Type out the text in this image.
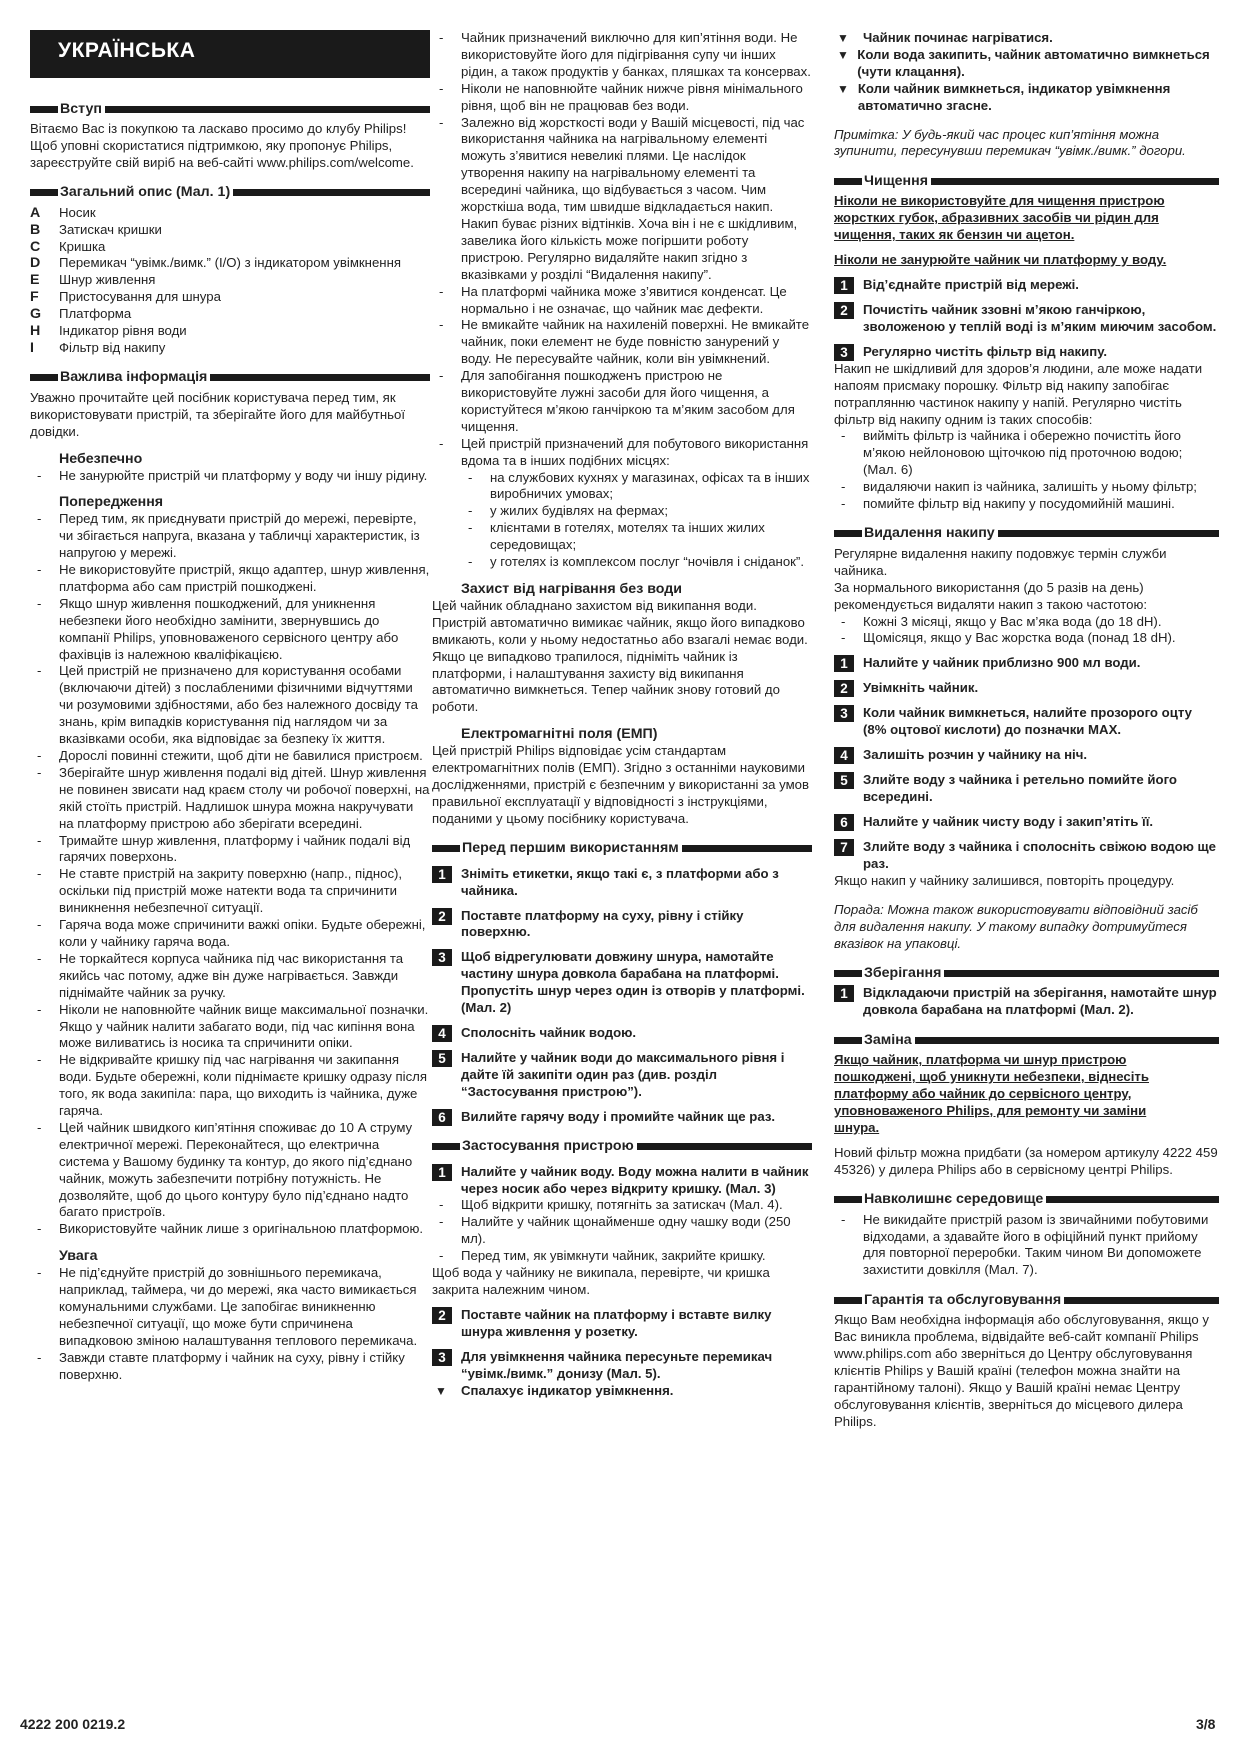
УКРАЇНСЬКА
Вступ

Вітаємо Вас із покупкою та ласкаво просимо до клубу Philips! Щоб уповні скористатися підтримкою, яку пропонує Philips, зареєструйте свій виріб на веб-сайті www.philips.com/welcome.

Загальний опис (Мал. 1)
A	Носик
B	Затискач кришки
C	Кришка
D	Перемикач “увімк./вимк.” (I/O) з індикатором увімкнення
E	Шнур живлення
F	Пристосування для шнура
G	Платформа
H	Індикатор рівня води
I	Фільтр від накипу
Важлива інформація

Уважно прочитайте цей посібник користувача перед тим, як використовувати пристрій, та зберігайте його для майбутньої довідки.

Небезпечно
- Не занурюйте пристрій чи платформу у воду чи іншу рідину.
Попередження
- Перед тим, як приєднувати пристрій до мережі, перевірте, чи збігається напруга, вказана у табличці характеристик, із напругою у мережі.
- Не використовуйте пристрій, якщо адаптер, шнур живлення, платформа або сам пристрій пошкоджені.
- Якщо шнур живлення пошкоджений, для уникнення небезпеки його необхідно замінити, звернувшись до компанії Philips, уповноваженого сервісного центру або фахівців із належною кваліфікацією.
- Цей пристрій не призначено для користування особами (включаючи дітей) з послабленими фізичними відчуттями чи розумовими здібностями, або без належного досвіду та знань, крім випадків користування під наглядом чи за вказівками особи, яка відповідає за безпеку їх життя.
- Дорослі повинні стежити, щоб діти не бавилися пристроєм.
- Зберігайте шнур живлення подалі від дітей. Шнур живлення не повинен звисати над краєм столу чи робочої поверхні, на якій стоїть пристрій. Надлишок шнура можна накручувати на платформу пристрою або зберігати всередині.
- Тримайте шнур живлення, платформу і чайник подалі від гарячих поверхонь.
- Не ставте пристрій на закриту поверхню (напр., піднос), оскільки під пристрій може натекти вода та спричинити виникнення небезпечної ситуації.
- Гаряча вода може спричинити важкі опіки. Будьте обережні, коли у чайнику гаряча вода.
- Не торкайтеся корпуса чайника під час використання та якийсь час потому, адже він дуже нагрівається. Завжди піднімайте чайник за ручку.
- Ніколи не наповнюйте чайник вище максимальної позначки. Якщо у чайник налити забагато води, під час кипіння вона може виливатись із носика та спричинити опіки.
- Не відкривайте кришку під час нагрівання чи закипання води. Будьте обережні, коли піднімаєте кришку одразу після того, як вода закипіла: пара, що виходить із чайника, дуже гаряча.
- Цей чайник швидкого кип’ятіння споживає до 10 А струму електричної мережі. Переконайтеся, що електрична система у Вашому будинку та контур, до якого під’єднано чайник, можуть забезпечити потрібну потужність. Не дозволяйте, щоб до цього контуру було під’єднано надто багато пристроїв.
- Використовуйте чайник лише з оригінальною платформою.
Увага
- Не під’єднуйте пристрій до зовнішнього перемикача, наприклад, таймера, чи до мережі, яка часто вимикається комунальними службами. Це запобігає виникненню небезпечної ситуації, що може бути спричинена випадковою зміною налаштування теплового перемикача.
- Завжди ставте платформу і чайник на суху, рівну і стійку поверхню.
- Чайник призначений виключно для кип’ятіння води. Не використовуйте його для підігрівання супу чи інших рідин, а також продуктів у банках, пляшках та консервах.
- Ніколи не наповнюйте чайник нижче рівня мінімального рівня, щоб він не працював без води.
- Залежно від жорсткості води у Вашій місцевості, під час використання чайника на нагрівальному елементі можуть з’явитися невеликі плями. Це наслідок утворення накипу на нагрівальному елементі та всередині чайника, що відбувається з часом. Чим жорсткіша вода, тим швидше відкладається накип. Накип буває різних відтінків. Хоча він і не є шкідливим, завелика його кількість може погіршити роботу пристрою. Регулярно видаляйте накип згідно з вказівками у розділі “Видалення накипу”.
- На платформі чайника може з’явитися конденсат. Це нормально і не означає, що чайник має дефекти.
- Не вмикайте чайник на нахиленій поверхні. Не вмикайте чайник, поки елемент не буде повністю занурений у воду. Не пересувайте чайник, коли він увімкнений.
- Для запобігання пошкодженъ пристрою не використовуйте лужні засоби для його чищення, а користуйтеся м’якою ганчіркою та м’яким засобом для чищення.
- Цей пристрій призначений для побутового використання вдома та в інших подібних місцях:
- на службових кухнях у магазинах, офісах та в інших виробничих умовах;
- у жилих будівлях на фермах;
- клієнтами в готелях, мотелях та інших жилих середовищах;
- у готелях із комплексом послуг “ночівля і сніданок”.
Захист від нагрівання без води

Цей чайник обладнано захистом від википання води. Пристрій автоматично вимикає чайник, якщо його випадково вмикають, коли у ньому недостатньо або взагалі немає води. Якщо це випадково трапилося, підніміть чайник із платформи, і налаштування захисту від википання автоматично вимкнеться. Тепер чайник знову готовий до роботи.

Електромагнітні поля (ЕМП)

Цей пристрій Philips відповідає усім стандартам електромагнітних полів (ЕМП). Згідно з останніми науковими дослідженнями, пристрій є безпечним у використанні за умов правильної експлуатації у відповідності з інструкціями, поданими у цьому посібнику користувача.

Перед першим використанням
1	Зніміть етикетки, якщо такі є, з платформи або з чайника.
2	Поставте платформу на суху, рівну і стійку поверхню.
3	Щоб відрегулювати довжину шнура, намотайте частину шнура довкола барабана на платформі. Пропустіть шнур через один із отворів у платформі. (Мал. 2)
4	Сполосніть чайник водою.
5	Налийте у чайник води до максимального рівня і дайте їй закипіти один раз (див. розділ “Застосування пристрою”).
6	Вилийте гарячу воду і промийте чайник ще раз.
Застосування пристрою
1	Налийте у чайник воду. Воду можна налити в чайник через носик або через відкриту кришку. (Мал. 3)
- Щоб відкрити кришку, потягніть за затискач (Мал. 4).
- Налийте у чайник щонайменше одну чашку води (250 мл).
- Перед тим, як увімкнути чайник, закрийте кришку.

Щоб вода у чайнику не википала, перевірте, чи кришка закрита належним чином.

2	Поставте чайник на платформу і вставте вилку шнура живлення у розетку.
3	Для увімкнення чайника пересуньте перемикач “увімк./вимк.” донизу (Мал. 5).
▼	Спалахує індикатор увімкнення.
▼	Чайник починає нагріватися.
▼ Коли вода закипить, чайник автоматично вимкнеться (чути клацання).
▼ Коли чайник вимкнеться, індикатор увімкнення автоматично згасне.

Примітка: У будь-який час процес кип’ятіння можна зупинити, пересунувши перемикач “увімк./вимк.” догори.

Чищення

Ніколи не використовуйте для чищення пристрою жорстких губок, абразивних засобів чи рідин для чищення, таких як бензин чи ацетон.

Ніколи не занурюйте чайник чи платформу у воду.

1	Від’єднайте пристрій від мережі.
2	Почистіть чайник ззовні м’якою ганчіркою, зволоженою у теплій воді із м’яким миючим засобом.
3	Регулярно чистіть фільтр від накипу.

Накип не шкідливий для здоров’я людини, але може надати напоям присмаку порошку. Фільтр від накипу запобігає потраплянню частинок накипу у напій. Регулярно чистіть фільтр від накипу одним із таких способів:

- вийміть фільтр із чайника і обережно почистіть його м’якою нейлоновою щіточкою під проточною водою; (Мал. 6)
- видаляючи накип із чайника, залишіть у ньому фільтр;
- помийте фільтр від накипу у посудомийній машині.
Видалення накипу

Регулярне видалення накипу подовжує термін служби чайника.

За нормального використання (до 5 разів на день) рекомендується видаляти накип з такою частотою:

- Кожні 3 місяці, якщо у Вас м’яка вода (до 18 dH).
- Щомісяця, якщо у Вас жорстка вода (понад 18 dH).
1	Налийте у чайник приблизно 900 мл води.
2	Увімкніть чайник.
3	Коли чайник вимкнеться, налийте прозорого оцту (8% оцтової кислоти) до позначки MAX.
4	Залишіть розчин у чайнику на ніч.
5	Злийте воду з чайника і ретельно помийте його всередині.
6	Налийте у чайник чисту воду і закип’ятіть її.
7	Злийте воду з чайника і сполосніть свіжою водою ще раз.

Якщо накип у чайнику залишився, повторіть процедуру.

Порада: Можна також використовувати відповідний засіб для видалення накипу. У такому випадку дотримуйтеся вказівок на упаковці.

Зберігання
1	Відкладаючи пристрій на зберігання, намотайте шнур довкола барабана на платформі (Мал. 2).
Заміна

Якщо чайник, платформа чи шнур пристрою пошкоджені, щоб уникнути небезпеки, віднесіть платформу або чайник до сервісного центру, уповноваженого Philips, для ремонту чи заміни шнура.

Новий фільтр можна придбати (за номером артикулу 4222 459 45326) у дилера Philips або в сервісному центрі Philips.

Навколишнє середовище
- Не викидайте пристрій разом із звичайними побутовими відходами, а здавайте його в офіційний пункт прийому для повторної переробки. Таким чином Ви допоможете захистити довкілля (Мал. 7).
Гарантія та обслуговування

Якщо Вам необхідна інформація або обслуговування, якщо у Вас виникла проблема, відвідайте веб-сайт компанії Philips www.philips.com або зверніться до Центру обслуговування клієнтів Philips у Вашій країні (телефон можна знайти на гарантійному талоні). Якщо у Вашій країні немає Центру обслуговування клієнтів, зверніться до місцевого дилера Philips.

4222 200 0219.2	3/8
